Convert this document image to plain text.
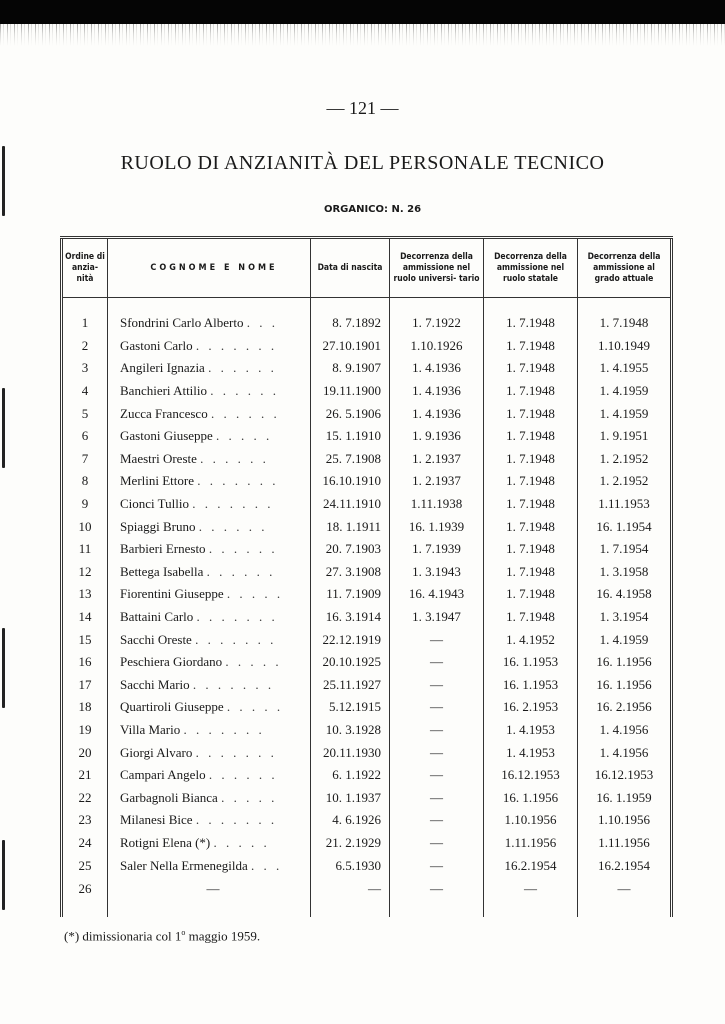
— 121 —
RUOLO DI ANZIANITÀ DEL PERSONALE TECNICO
ORGANICO: N. 26
Ordine di anzia- nità	COGNOME E NOME	Data di nascita	Decorrenza della ammissione nel ruolo universi- tario	Decorrenza della ammissione nel ruolo statale	Decorrenza della ammissione al grado attuale

1	Sfondrini Carlo Alberto . . .	8. 7.1892	1. 7.1922	1. 7.1948	1. 7.1948
2	Gastoni Carlo . . . . . . .	27.10.1901	1.10.1926	1. 7.1948	1.10.1949
3	Angileri Ignazia . . . . . .	8. 9.1907	1. 4.1936	1. 7.1948	1. 4.1955
4	Banchieri Attilio . . . . . .	19.11.1900	1. 4.1936	1. 7.1948	1. 4.1959
5	Zucca Francesco . . . . . .	26. 5.1906	1. 4.1936	1. 7.1948	1. 4.1959
6	Gastoni Giuseppe . . . . .	15. 1.1910	1. 9.1936	1. 7.1948	1. 9.1951
7	Maestri Oreste . . . . . .	25. 7.1908	1. 2.1937	1. 7.1948	1. 2.1952
8	Merlini Ettore . . . . . . .	16.10.1910	1. 2.1937	1. 7.1948	1. 2.1952
9	Cionci Tullio . . . . . . .	24.11.1910	1.11.1938	1. 7.1948	1.11.1953
10	Spiaggi Bruno . . . . . .	18. 1.1911	16. 1.1939	1. 7.1948	16. 1.1954
11	Barbieri Ernesto . . . . . .	20. 7.1903	1. 7.1939	1. 7.1948	1. 7.1954
12	Bettega Isabella . . . . . .	27. 3.1908	1. 3.1943	1. 7.1948	1. 3.1958
13	Fiorentini Giuseppe . . . . .	11. 7.1909	16. 4.1943	1. 7.1948	16. 4.1958
14	Battaini Carlo . . . . . . .	16. 3.1914	1. 3.1947	1. 7.1948	1. 3.1954
15	Sacchi Oreste . . . . . . .	22.12.1919	—	1. 4.1952	1. 4.1959
16	Peschiera Giordano . . . . .	20.10.1925	—	16. 1.1953	16. 1.1956
17	Sacchi Mario . . . . . . .	25.11.1927	—	16. 1.1953	16. 1.1956
18	Quartiroli Giuseppe . . . . .	5.12.1915	—	16. 2.1953	16. 2.1956
19	Villa Mario . . . . . . .	10. 3.1928	—	1. 4.1953	1. 4.1956
20	Giorgi Alvaro . . . . . . .	20.11.1930	—	1. 4.1953	1. 4.1956
21	Campari Angelo . . . . . .	6. 1.1922	—	16.12.1953	16.12.1953
22	Garbagnoli Bianca . . . . .	10. 1.1937	—	16. 1.1956	16. 1.1959
23	Milanesi Bice . . . . . . .	4. 6.1926	—	1.10.1956	1.10.1956
24	Rotigni Elena (*) . . . . .	21. 2.1929	—	1.11.1956	1.11.1956
25	Saler Nella Ermenegilda . . .	6.5.1930	—	16.2.1954	16.2.1954
26	—	—	—	—	—
(*) dimissionaria col 1$^o$ maggio 1959.
